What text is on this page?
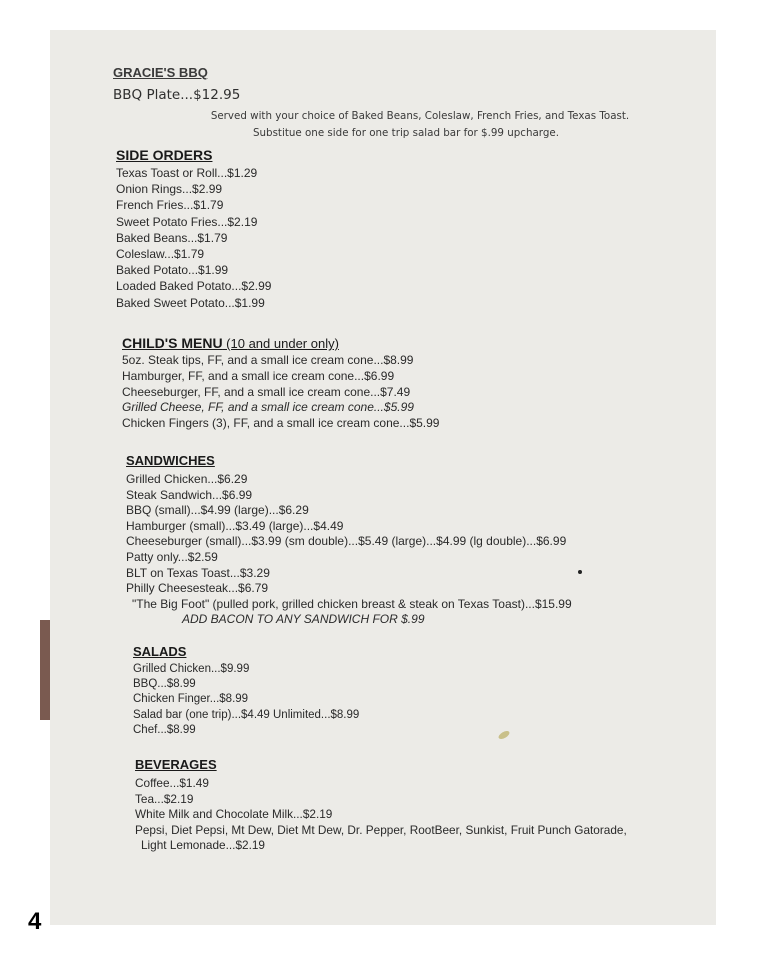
GRACIE'S BBQ

BBQ Plate...$12.95

Served with your choice of Baked Beans, Coleslaw, French Fries, and Texas Toast.

Substitue one side for one trip salad bar for $.99 upcharge.

SIDE ORDERS
Texas Toast or Roll...$1.29
Onion Rings...$2.99
French Fries...$1.79
Sweet Potato Fries...$2.19
Baked Beans...$1.79
Coleslaw...$1.79
Baked Potato...$1.99
Loaded Baked Potato...$2.99
Baked Sweet Potato...$1.99
CHILD'S MENU (10 and under only)
5oz. Steak tips, FF, and a small ice cream cone...$8.99
Hamburger, FF, and a small ice cream cone...$6.99
Cheeseburger, FF, and a small ice cream cone...$7.49
Grilled Cheese, FF, and a small ice cream cone...$5.99
Chicken Fingers (3), FF, and a small ice cream cone...$5.99
SANDWICHES
Grilled Chicken...$6.29
Steak Sandwich...$6.99
BBQ (small)...$4.99 (large)...$6.29
Hamburger (small)...$3.49 (large)...$4.49
Cheeseburger (small)...$3.99 (sm double)...$5.49 (large)...$4.99 (lg double)...$6.99
Patty only...$2.59
BLT on Texas Toast...$3.29
Philly Cheesesteak...$6.79
"The Big Foot" (pulled pork, grilled chicken breast & steak on Texas Toast)...$15.99
ADD BACON TO ANY SANDWICH FOR $.99
SALADS
Grilled Chicken...$9.99
BBQ...$8.99
Chicken Finger...$8.99
Salad bar (one trip)...$4.49 Unlimited...$8.99
Chef...$8.99
BEVERAGES
Coffee...$1.49
Tea...$2.19
White Milk and Chocolate Milk...$2.19
Pepsi, Diet Pepsi, Mt Dew, Diet Mt Dew, Dr. Pepper, RootBeer, Sunkist, Fruit Punch Gatorade,
Light Lemonade...$2.19

4
